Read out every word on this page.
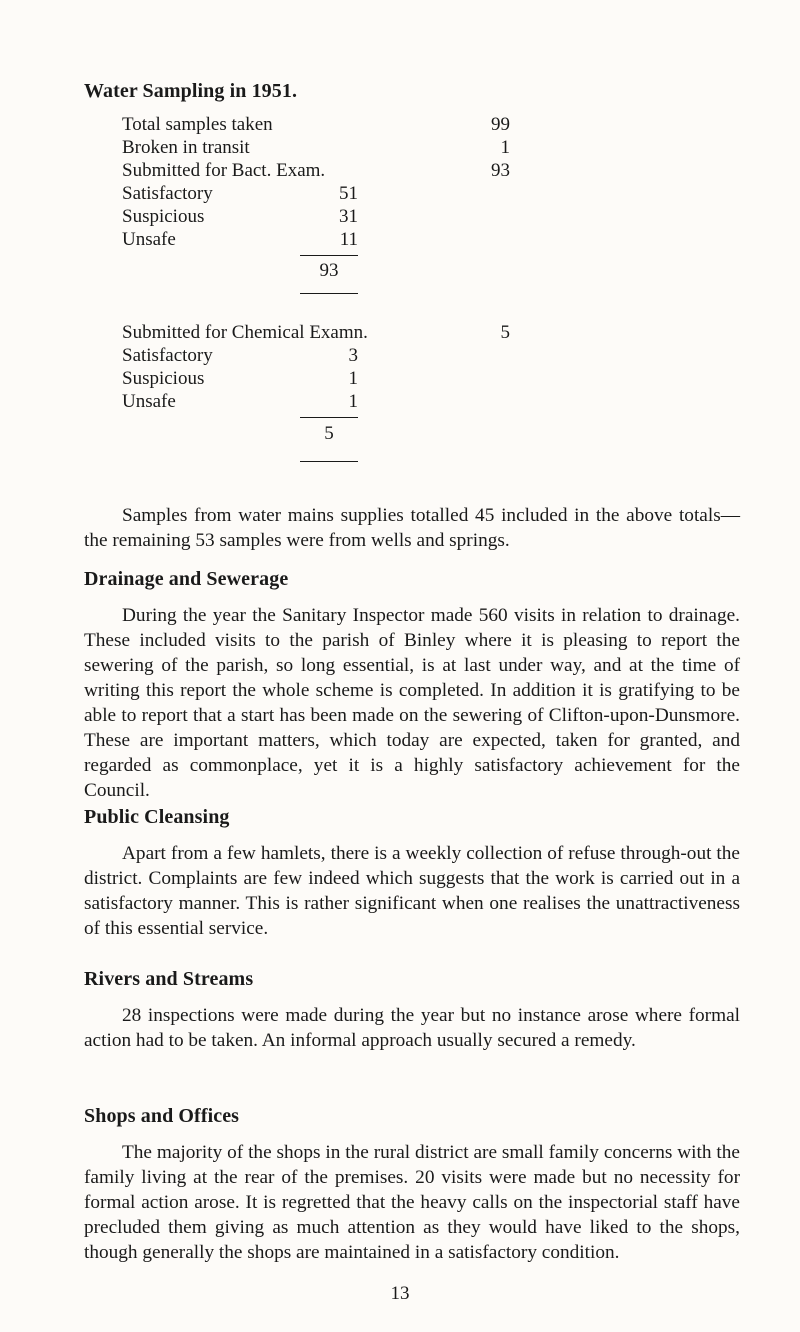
Water Sampling in 1951.
Total samples taken	99
Broken in transit	1
Submitted for Bact. Exam.	93
Satisfactory	51
Suspicious	31
Unsafe	11
93
Submitted for Chemical Examn.	5
Satisfactory	3
Suspicious	1
Unsafe	1
5

Samples from water mains supplies totalled 45 included in the above totals—the remaining 53 samples were from wells and springs.

Drainage and Sewerage

During the year the Sanitary Inspector made 560 visits in relation to drainage. These included visits to the parish of Binley where it is pleasing to report the sewering of the parish, so long essential, is at last under way, and at the time of writing this report the whole scheme is completed. In addition it is gratifying to be able to report that a start has been made on the sewering of Clifton-upon-Dunsmore. These are important matters, which today are expected, taken for granted, and regarded as commonplace, yet it is a highly satisfactory achievement for the Council.

Public Cleansing

Apart from a few hamlets, there is a weekly collection of refuse through-out the district. Complaints are few indeed which suggests that the work is carried out in a satisfactory manner. This is rather significant when one realises the unattractiveness of this essential service.

Rivers and Streams

28 inspections were made during the year but no instance arose where formal action had to be taken. An informal approach usually secured a remedy.

Shops and Offices

The majority of the shops in the rural district are small family concerns with the family living at the rear of the premises. 20 visits were made but no necessity for formal action arose. It is regretted that the heavy calls on the inspectorial staff have precluded them giving as much attention as they would have liked to the shops, though generally the shops are maintained in a satisfactory condition.

13
